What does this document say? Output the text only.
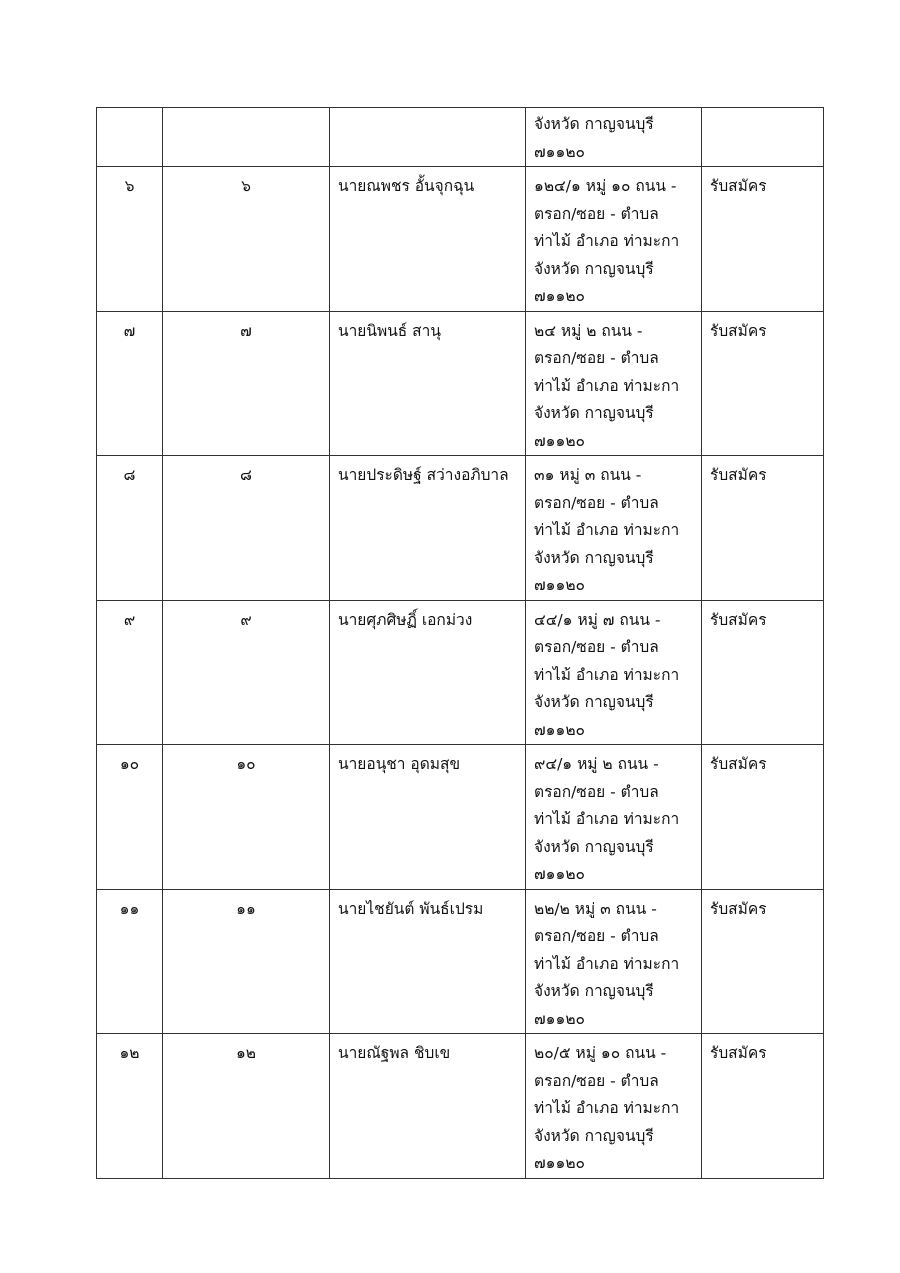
			จังหวัด กาญจนบุรี
๗๑๑๒๐	

๖	๖	นายณพชร อั้นจุกฉุน	๑๒๔/๑ หมู่ ๑๐ ถนน -
ตรอก/ซอย - ตำบล
ท่าไม้ อำเภอ ท่ามะกา
จังหวัด กาญจนบุรี
๗๑๑๒๐	รับสมัคร
๗	๗	นายนิพนธ์ สานุ	๒๔ หมู่ ๒ ถนน -
ตรอก/ซอย - ตำบล
ท่าไม้ อำเภอ ท่ามะกา
จังหวัด กาญจนบุรี
๗๑๑๒๐	รับสมัคร
๘	๘	นายประดิษฐ์ สว่างอภิบาล	๓๑ หมู่ ๓ ถนน -
ตรอก/ซอย - ตำบล
ท่าไม้ อำเภอ ท่ามะกา
จังหวัด กาญจนบุรี
๗๑๑๒๐	รับสมัคร
๙	๙	นายศุภศิษฏิ์ เอกม่วง	๔๔/๑ หมู่ ๗ ถนน -
ตรอก/ซอย - ตำบล
ท่าไม้ อำเภอ ท่ามะกา
จังหวัด กาญจนบุรี
๗๑๑๒๐	รับสมัคร
๑๐	๑๐	นายอนุชา อุดมสุข	๙๔/๑ หมู่ ๒ ถนน -
ตรอก/ซอย - ตำบล
ท่าไม้ อำเภอ ท่ามะกา
จังหวัด กาญจนบุรี
๗๑๑๒๐	รับสมัคร
๑๑	๑๑	นายไชยันต์ พันธ์เปรม	๒๒/๒ หมู่ ๓ ถนน -
ตรอก/ซอย - ตำบล
ท่าไม้ อำเภอ ท่ามะกา
จังหวัด กาญจนบุรี
๗๑๑๒๐	รับสมัคร
๑๒	๑๒	นายณัฐพล ชิบเข	๒๐/๕ หมู่ ๑๐ ถนน -
ตรอก/ซอย - ตำบล
ท่าไม้ อำเภอ ท่ามะกา
จังหวัด กาญจนบุรี
๗๑๑๒๐	รับสมัคร
